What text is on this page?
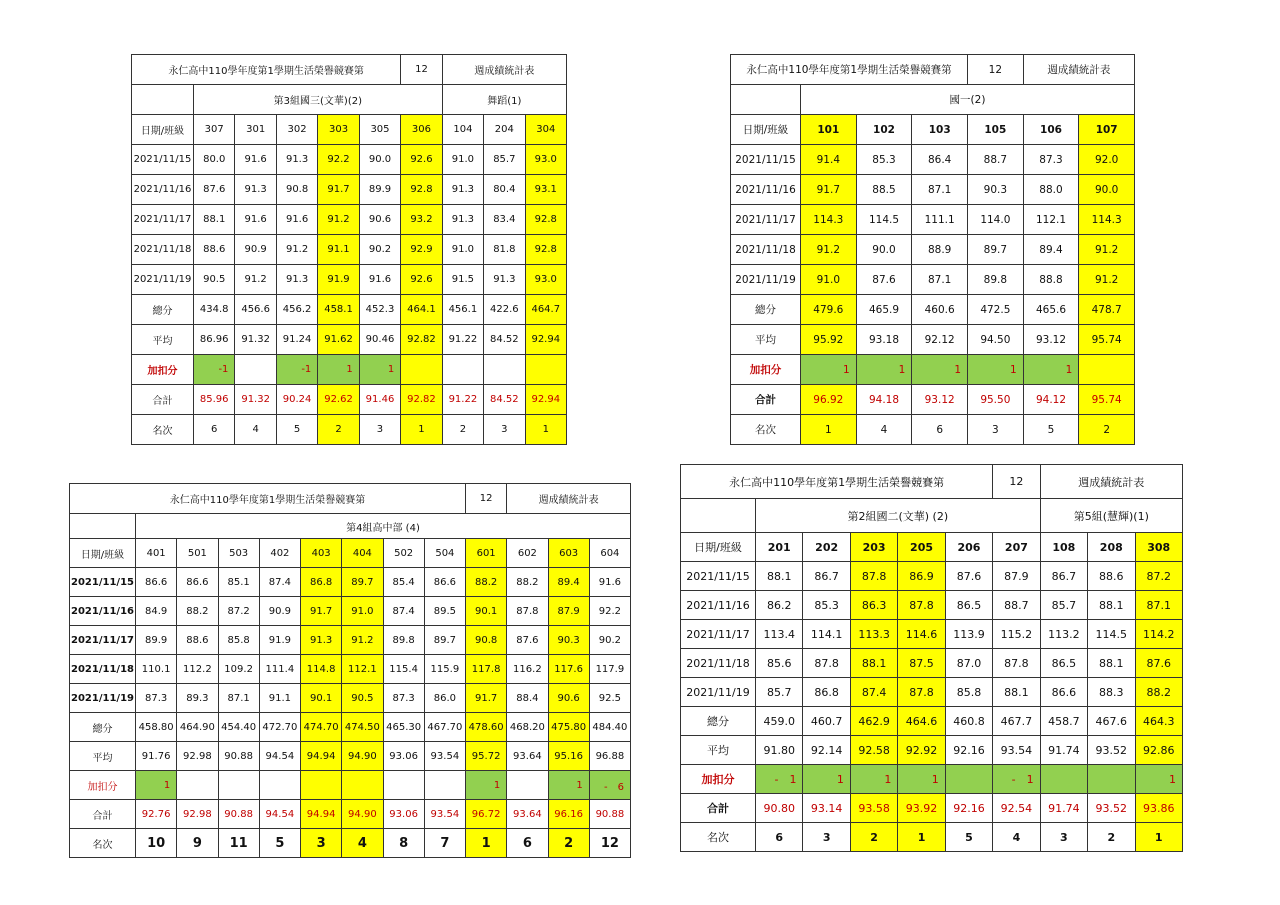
永仁高中110學年度第1學期生活榮譽競賽第						12	週成績統計表		
	第3組國三(文華)(2)						舞蹈(1)		
日期/班級	307	301	302	303	305	306	104	204	304
2021/11/15	80.0	91.6	91.3	92.2	90.0	92.6	91.0	85.7	93.0
2021/11/16	87.6	91.3	90.8	91.7	89.9	92.8	91.3	80.4	93.1
2021/11/17	88.1	91.6	91.6	91.2	90.6	93.2	91.3	83.4	92.8
2021/11/18	88.6	90.9	91.2	91.1	90.2	92.9	91.0	81.8	92.8
2021/11/19	90.5	91.2	91.3	91.9	91.6	92.6	91.5	91.3	93.0
總分	434.8	456.6	456.2	458.1	452.3	464.1	456.1	422.6	464.7
平均	86.96	91.32	91.24	91.62	90.46	92.82	91.22	84.52	92.94
加扣分	-1		-1	1	1				
合計	85.96	91.32	90.24	92.62	91.46	92.82	91.22	84.52	92.94
名次	6	4	5	2	3	1	2	3	1
永仁高中110學年度第1學期生活榮譽競賽第				12	週成績統計表	
	國一(2)					
日期/班級	101	102	103	105	106	107
2021/11/15	91.4	85.3	86.4	88.7	87.3	92.0
2021/11/16	91.7	88.5	87.1	90.3	88.0	90.0
2021/11/17	114.3	114.5	111.1	114.0	112.1	114.3
2021/11/18	91.2	90.0	88.9	89.7	89.4	91.2
2021/11/19	91.0	87.6	87.1	89.8	88.8	91.2
總分	479.6	465.9	460.6	472.5	465.6	478.7
平均	95.92	93.18	92.12	94.50	93.12	95.74
加扣分	1	1	1	1	1	
合計	96.92	94.18	93.12	95.50	94.12	95.74
名次	1	4	6	3	5	2
永仁高中110學年度第1學期生活榮譽競賽第									12	週成績統計表		
	第4組高中部 (4)											
日期/班級	401	501	503	402	403	404	502	504	601	602	603	604
2021/11/15	86.6	86.6	85.1	87.4	86.8	89.7	85.4	86.6	88.2	88.2	89.4	91.6
2021/11/16	84.9	88.2	87.2	90.9	91.7	91.0	87.4	89.5	90.1	87.8	87.9	92.2
2021/11/17	89.9	88.6	85.8	91.9	91.3	91.2	89.8	89.7	90.8	87.6	90.3	90.2
2021/11/18	110.1	112.2	109.2	111.4	114.8	112.1	115.4	115.9	117.8	116.2	117.6	117.9
2021/11/19	87.3	89.3	87.1	91.1	90.1	90.5	87.3	86.0	91.7	88.4	90.6	92.5
總分	458.80	464.90	454.40	472.70	474.70	474.50	465.30	467.70	478.60	468.20	475.80	484.40
平均	91.76	92.98	90.88	94.54	94.94	94.90	93.06	93.54	95.72	93.64	95.16	96.88
加扣分	1								1		1	-　6
合計	92.76	92.98	90.88	94.54	94.94	94.90	93.06	93.54	96.72	93.64	96.16	90.88
名次	10	9	11	5	3	4	8	7	1	6	2	12
永仁高中110學年度第1學期生活榮譽競賽第						12	週成績統計表		
	第2組國二(文華) (2)						第5組(慧輝)(1)		
日期/班級	201	202	203	205	206	207	108	208	308
2021/11/15	88.1	86.7	87.8	86.9	87.6	87.9	86.7	88.6	87.2
2021/11/16	86.2	85.3	86.3	87.8	86.5	88.7	85.7	88.1	87.1
2021/11/17	113.4	114.1	113.3	114.6	113.9	115.2	113.2	114.5	114.2
2021/11/18	85.6	87.8	88.1	87.5	87.0	87.8	86.5	88.1	87.6
2021/11/19	85.7	86.8	87.4	87.8	85.8	88.1	86.6	88.3	88.2
總分	459.0	460.7	462.9	464.6	460.8	467.7	458.7	467.6	464.3
平均	91.80	92.14	92.58	92.92	92.16	93.54	91.74	93.52	92.86
加扣分	-　1	1	1	1		-　1			1
合計	90.80	93.14	93.58	93.92	92.16	92.54	91.74	93.52	93.86
名次	6	3	2	1	5	4	3	2	1
